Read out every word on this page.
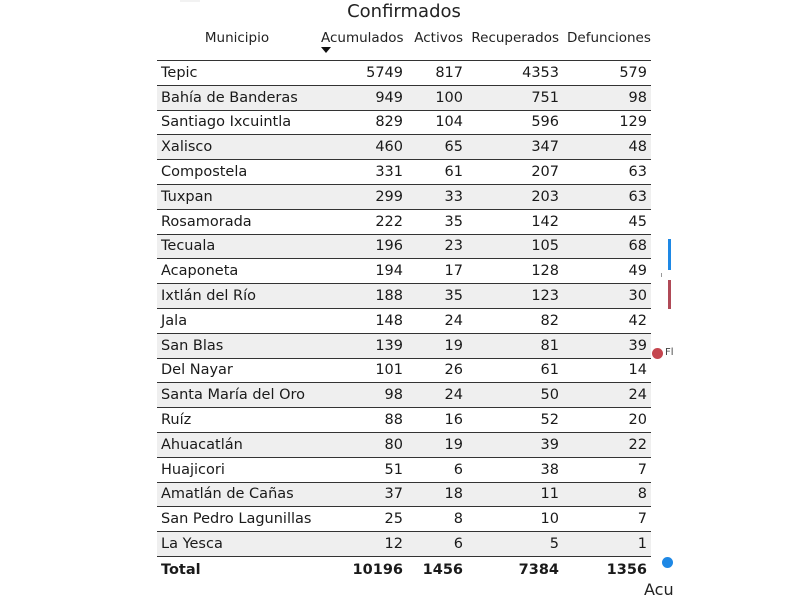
Confirmados
Municipio	Acumulados	Activos	Recuperados	Defunciones
Tepic	5749	817	4353	579
Bahía de Banderas	949	100	751	98
Santiago Ixcuintla	829	104	596	129
Xalisco	460	65	347	48
Compostela	331	61	207	63
Tuxpan	299	33	203	63
Rosamorada	222	35	142	45
Tecuala	196	23	105	68
Acaponeta	194	17	128	49
Ixtlán del Río	188	35	123	30
Jala	148	24	82	42
San Blas	139	19	81	39
Del Nayar	101	26	61	14
Santa María del Oro	98	24	50	24
Ruíz	88	16	52	20
Ahuacatlán	80	19	39	22
Huajicori	51	6	38	7
Amatlán de Cañas	37	18	11	8
San Pedro Lagunillas	25	8	10	7
La Yesca	12	6	5	1
Total	10196	1456	7384	1356
Fl
Acu
